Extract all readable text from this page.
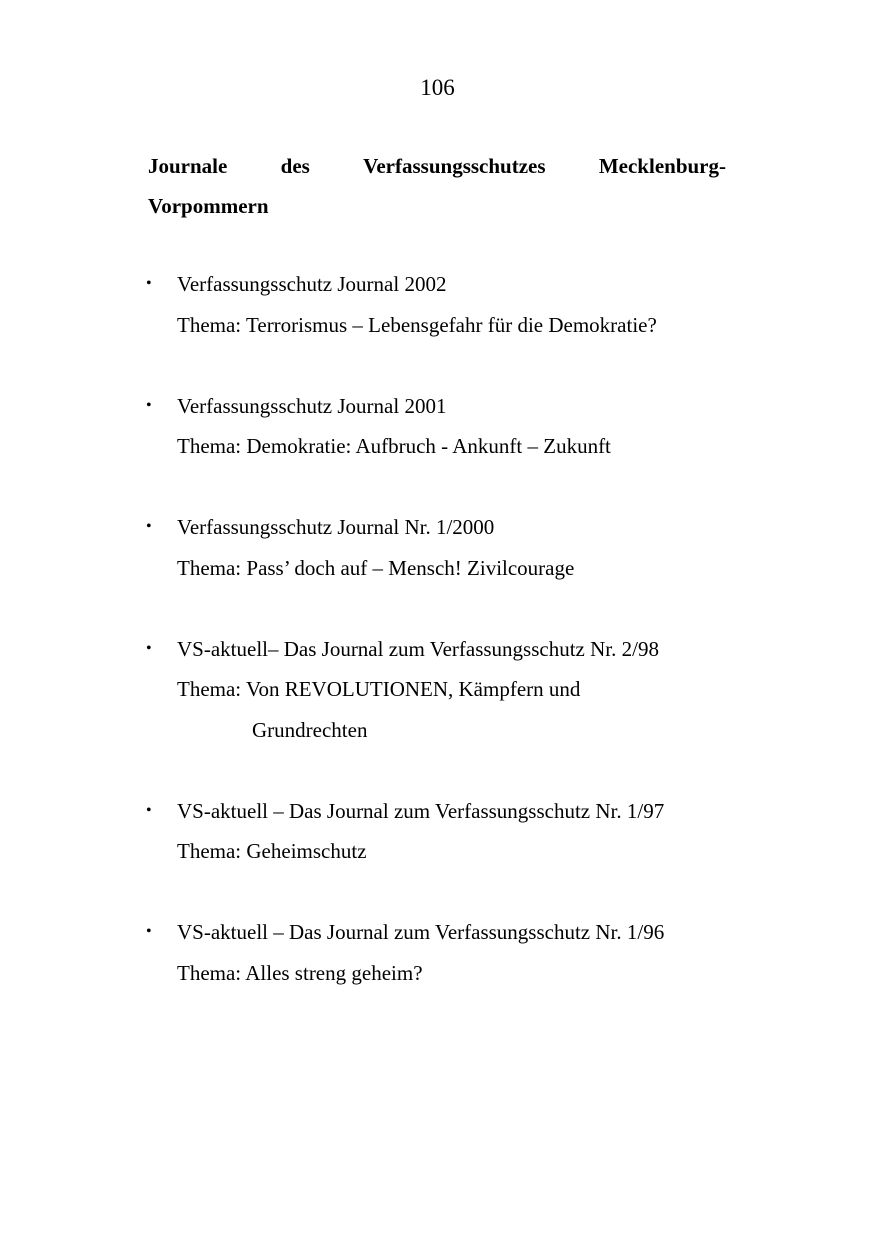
106
Journale	des	Verfassungsschutzes	Mecklenburg-
Vorpommern
•	Verfassungsschutz Journal 2002
Thema: Terrorismus – Lebensgefahr für die Demokratie?
•	Verfassungsschutz Journal 2001
Thema: Demokratie: Aufbruch - Ankunft – Zukunft
•	Verfassungsschutz Journal Nr. 1/2000
Thema: Pass’ doch auf – Mensch! Zivilcourage
•	VS-aktuell– Das Journal zum Verfassungsschutz Nr. 2/98
Thema: Von REVOLUTIONEN, Kämpfern und
Grundrechten
•	VS-aktuell – Das Journal zum Verfassungsschutz Nr. 1/97
Thema: Geheimschutz
•	VS-aktuell – Das Journal zum Verfassungsschutz Nr. 1/96
Thema: Alles streng geheim?
